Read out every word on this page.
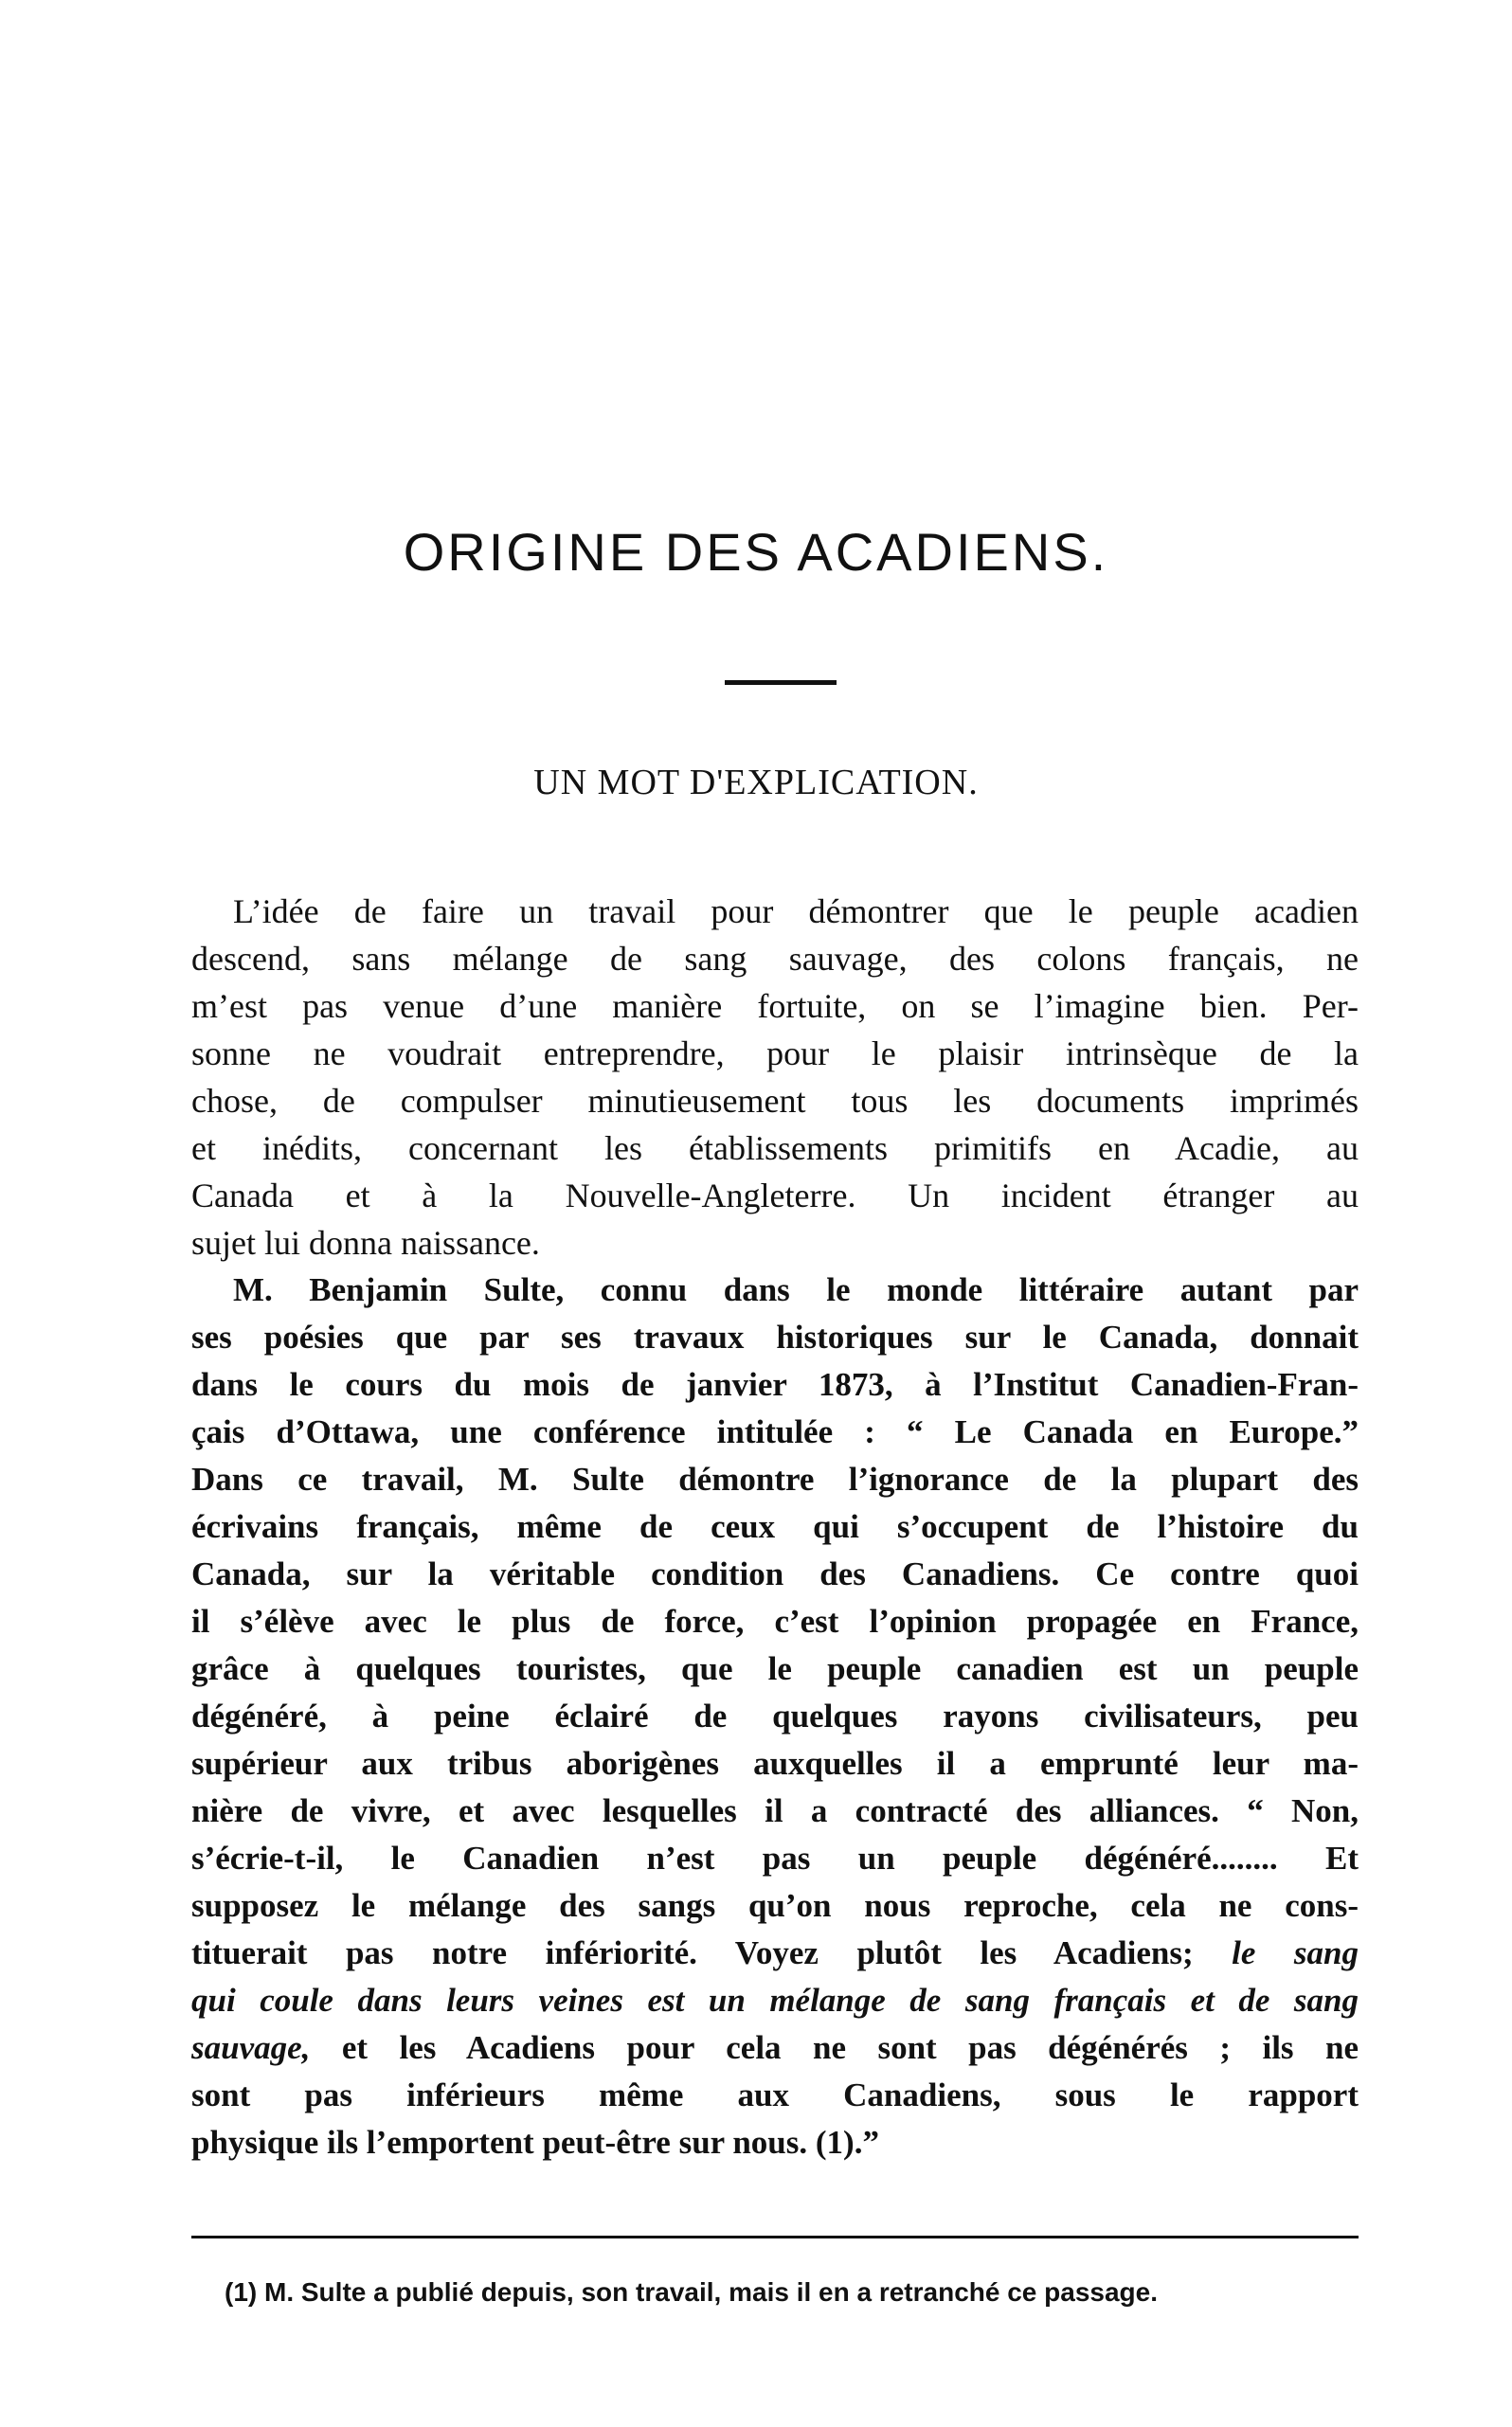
ORIGINE DES ACADIENS.
UN MOT D'EXPLICATION.
L’idée de faire un travail pour démontrer que le peuple acadien
descend, sans mélange de sang sauvage, des colons français, ne
m’est pas venue d’une manière fortuite, on se l’imagine bien. Per-
sonne ne voudrait entreprendre, pour le plaisir intrinsèque de la
chose, de compulser minutieusement tous les documents imprimés
et inédits, concernant les établissements primitifs en Acadie, au
Canada et à la Nouvelle-Angleterre. Un incident étranger au
sujet lui donna naissance.
M. Benjamin Sulte, connu dans le monde littéraire autant par
ses poésies que par ses travaux historiques sur le Canada, donnait
dans le cours du mois de janvier 1873, à l’Institut Canadien-Fran-
çais d’Ottawa, une conférence intitulée : “ Le Canada en Europe.”
Dans ce travail, M. Sulte démontre l’ignorance de la plupart des
écrivains français, même de ceux qui s’occupent de l’histoire du
Canada, sur la véritable condition des Canadiens. Ce contre quoi
il s’élève avec le plus de force, c’est l’opinion propagée en France,
grâce à quelques touristes, que le peuple canadien est un peuple
dégénéré, à peine éclairé de quelques rayons civilisateurs, peu
supérieur aux tribus aborigènes auxquelles il a emprunté leur ma-
nière de vivre, et avec lesquelles il a contracté des alliances. “ Non,
s’écrie-t-il, le Canadien n’est pas un peuple dégénéré........ Et
supposez le mélange des sangs qu’on nous reproche, cela ne cons-
tituerait pas notre infériorité. Voyez plutôt les Acadiens; le sang
qui coule dans leurs veines est un mélange de sang français et de sang
sauvage, et les Acadiens pour cela ne sont pas dégénérés ; ils ne
sont pas inférieurs même aux Canadiens, sous le rapport
physique ils l’emportent peut-être sur nous. (1).”

(1) M. Sulte a publié depuis, son travail, mais il en a retranché ce passage.
